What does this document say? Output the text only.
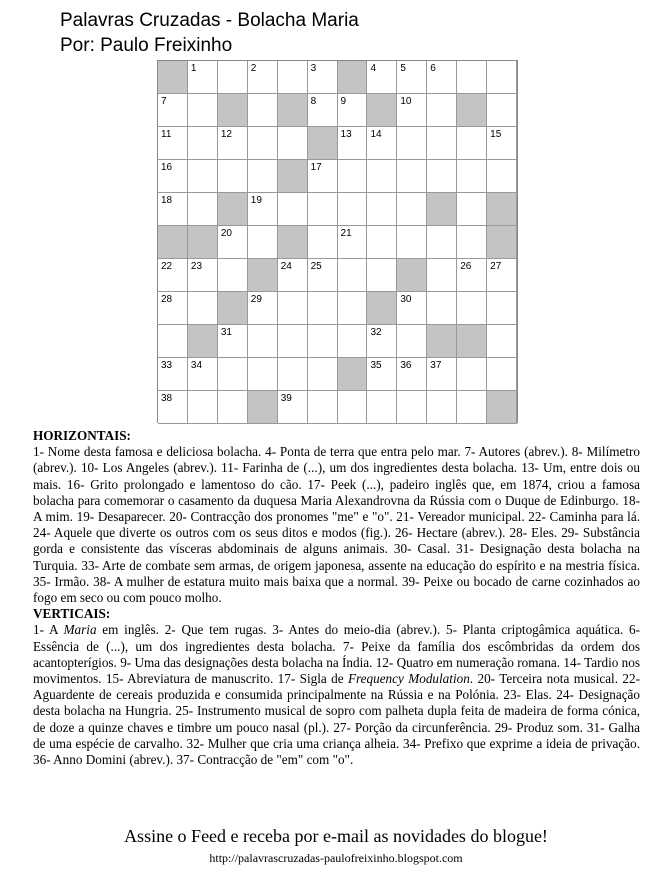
Palavras Cruzadas - Bolacha Maria
Por: Paulo Freixinho
1	2	3	4 5 6
7	8 9	10
11	12	13 14	15
16	17
18	19
20	21
22 23	24 25	26 27
28	29	30
31	32
33 34	35 36 37
38	39

HORIZONTAIS:
1- Nome desta famosa e deliciosa bolacha. 4- Ponta de terra que entra pelo mar. 7- Autores (abrev.). 8- Milímetro (abrev.). 10- Los Angeles (abrev.). 11- Farinha de (...), um dos ingredientes desta bolacha. 13- Um, entre dois ou mais. 16- Grito prolongado e lamentoso do cão. 17- Peek (...), padeiro inglês que, em 1874, criou a famosa bolacha para comemorar o casamento da duquesa Maria Alexandrovna da Rússia com o Duque de Edinburgo. 18- A mim. 19- Desaparecer. 20- Contracção dos pronomes "me" e "o". 21- Vereador municipal. 22- Caminha para lá. 24- Aquele que diverte os outros com os seus ditos e modos (fig.). 26- Hectare (abrev.). 28- Eles. 29- Substância gorda e consistente das vísceras abdominais de alguns animais. 30- Casal. 31- Designação desta bolacha na Turquia. 33- Arte de combate sem armas, de origem japonesa, assente na educação do espírito e na mestria física. 35- Irmão. 38- A mulher de estatura muito mais baixa que a normal. 39- Peixe ou bocado de carne cozinhados ao fogo em seco ou com pouco molho.

VERTICAIS:
1- A Maria em inglês. 2- Que tem rugas. 3- Antes do meio-dia (abrev.). 5- Planta criptogâmica aquática. 6- Essência de (...), um dos ingredientes desta bolacha. 7- Peixe da família dos escômbridas da ordem dos acantopterígios. 9- Uma das designações desta bolacha na Índia. 12- Quatro em numeração romana. 14- Tardio nos movimentos. 15- Abreviatura de manuscrito. 17- Sigla de Frequency Modulation. 20- Terceira nota musical. 22- Aguardente de cereais produzida e consumida principalmente na Rússia e na Polónia. 23- Elas. 24- Designação desta bolacha na Hungria. 25- Instrumento musical de sopro com palheta dupla feita de madeira de forma cónica, de doze a quinze chaves e timbre um pouco nasal (pl.). 27- Porção da circunferência. 29- Produz som. 31- Galha de uma espécie de carvalho. 32- Mulher que cria uma criança alheia. 34- Prefixo que exprime a ideia de privação. 36- Anno Domini (abrev.). 37- Contracção de "em" com "o".

Assine o Feed e receba por e-mail as novidades do blogue!
http://palavrascruzadas-paulofreixinho.blogspot.com
